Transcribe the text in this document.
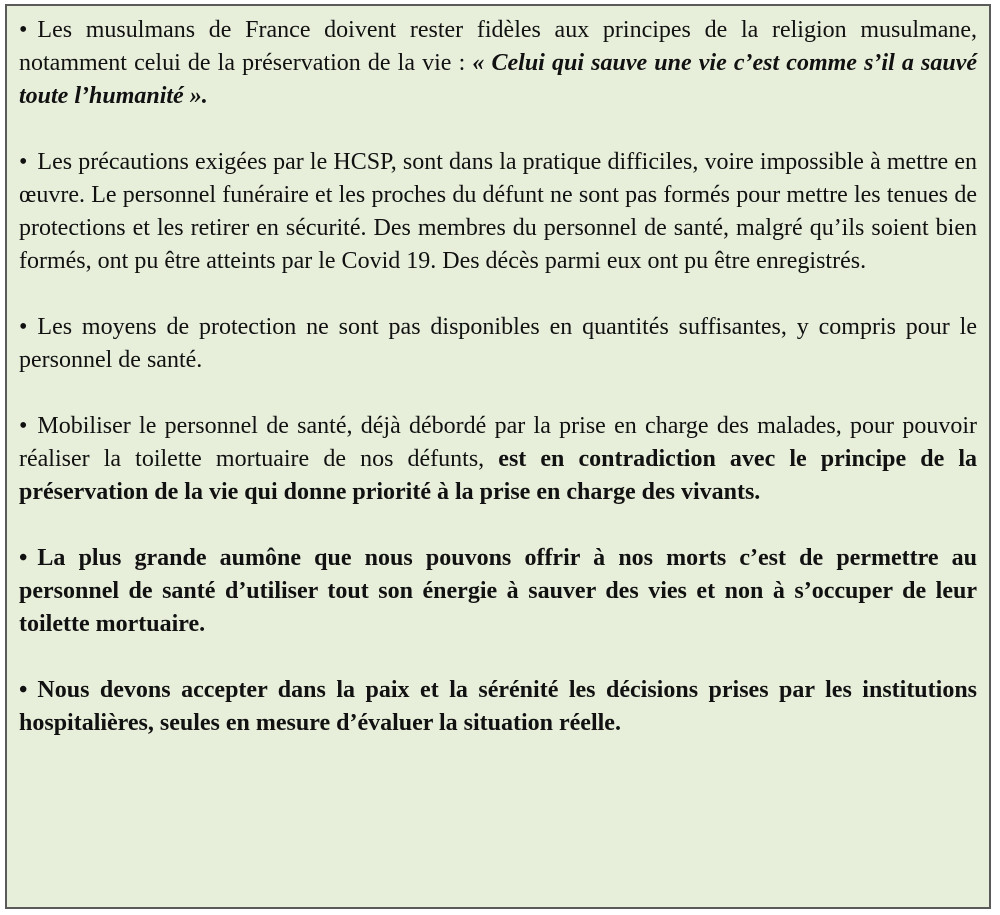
• Les musulmans de France doivent rester fidèles aux principes de la religion musulmane, notamment celui de la préservation de la vie : « Celui qui sauve une vie c’est comme s’il a sauvé toute l’humanité ».

• Les précautions exigées par le HCSP, sont dans la pratique difficiles, voire impossible à mettre en œuvre. Le personnel funéraire et les proches du défunt ne sont pas formés pour mettre les tenues de protections et les retirer en sécurité. Des membres du personnel de santé, malgré qu’ils soient bien formés, ont pu être atteints par le Covid 19. Des décès parmi eux ont pu être enregistrés.

• Les moyens de protection ne sont pas disponibles en quantités suffisantes, y compris pour le personnel de santé.

• Mobiliser le personnel de santé, déjà débordé par la prise en charge des malades, pour pouvoir réaliser la toilette mortuaire de nos défunts, est en contradiction avec le principe de la préservation de la vie qui donne priorité à la prise en charge des vivants.

• La plus grande aumône que nous pouvons offrir à nos morts c’est de permettre au personnel de santé d’utiliser tout son énergie à sauver des vies et non à s’occuper de leur toilette mortuaire.

• Nous devons accepter dans la paix et la sérénité les décisions prises par les institutions hospitalières, seules en mesure d’évaluer la situation réelle.
